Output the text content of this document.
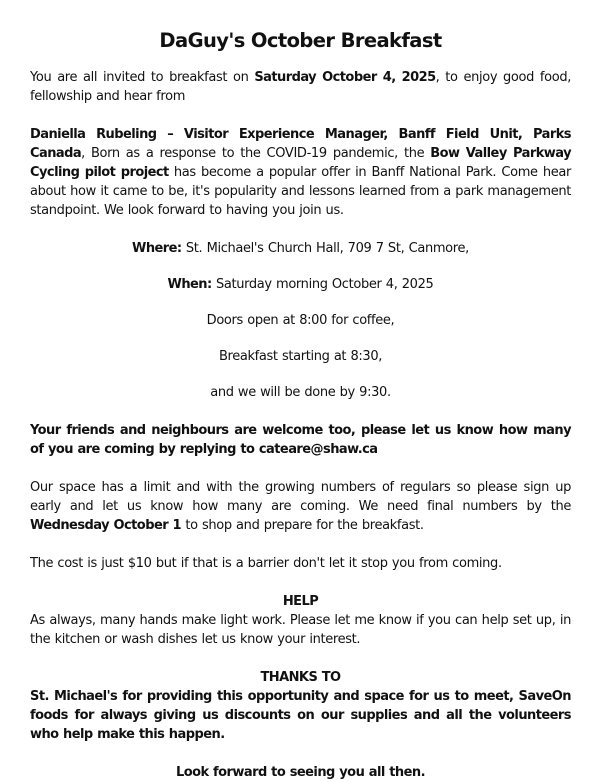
DaGuy's October Breakfast

You are all invited to breakfast on Saturday October 4, 2025, to enjoy good food, fellowship and hear from

Daniella Rubeling – Visitor Experience Manager, Banff Field Unit, Parks Canada, Born as a response to the COVID-19 pandemic, the Bow Valley Parkway Cycling pilot project has become a popular offer in Banff National Park. Come hear about how it came to be, it's popularity and lessons learned from a park management standpoint. We look forward to having you join us.

Where: St. Michael's Church Hall, 709 7 St, Canmore,

When: Saturday morning October 4, 2025

Doors open at 8:00 for coffee,

Breakfast starting at 8:30,

and we will be done by 9:30.

Your friends and neighbours are welcome too, please let us know how many of you are coming by replying to cateare@shaw.ca

Our space has a limit and with the growing numbers of regulars so please sign up early and let us know how many are coming. We need final numbers by the Wednesday October 1 to shop and prepare for the breakfast.

The cost is just $10 but if that is a barrier don't let it stop you from coming.

HELP

As always, many hands make light work. Please let me know if you can help set up, in the kitchen or wash dishes let us know your interest.

THANKS TO

St. Michael's for providing this opportunity and space for us to meet, SaveOn foods for always giving us discounts on our supplies and all the volunteers who help make this happen.

Look forward to seeing you all then.
